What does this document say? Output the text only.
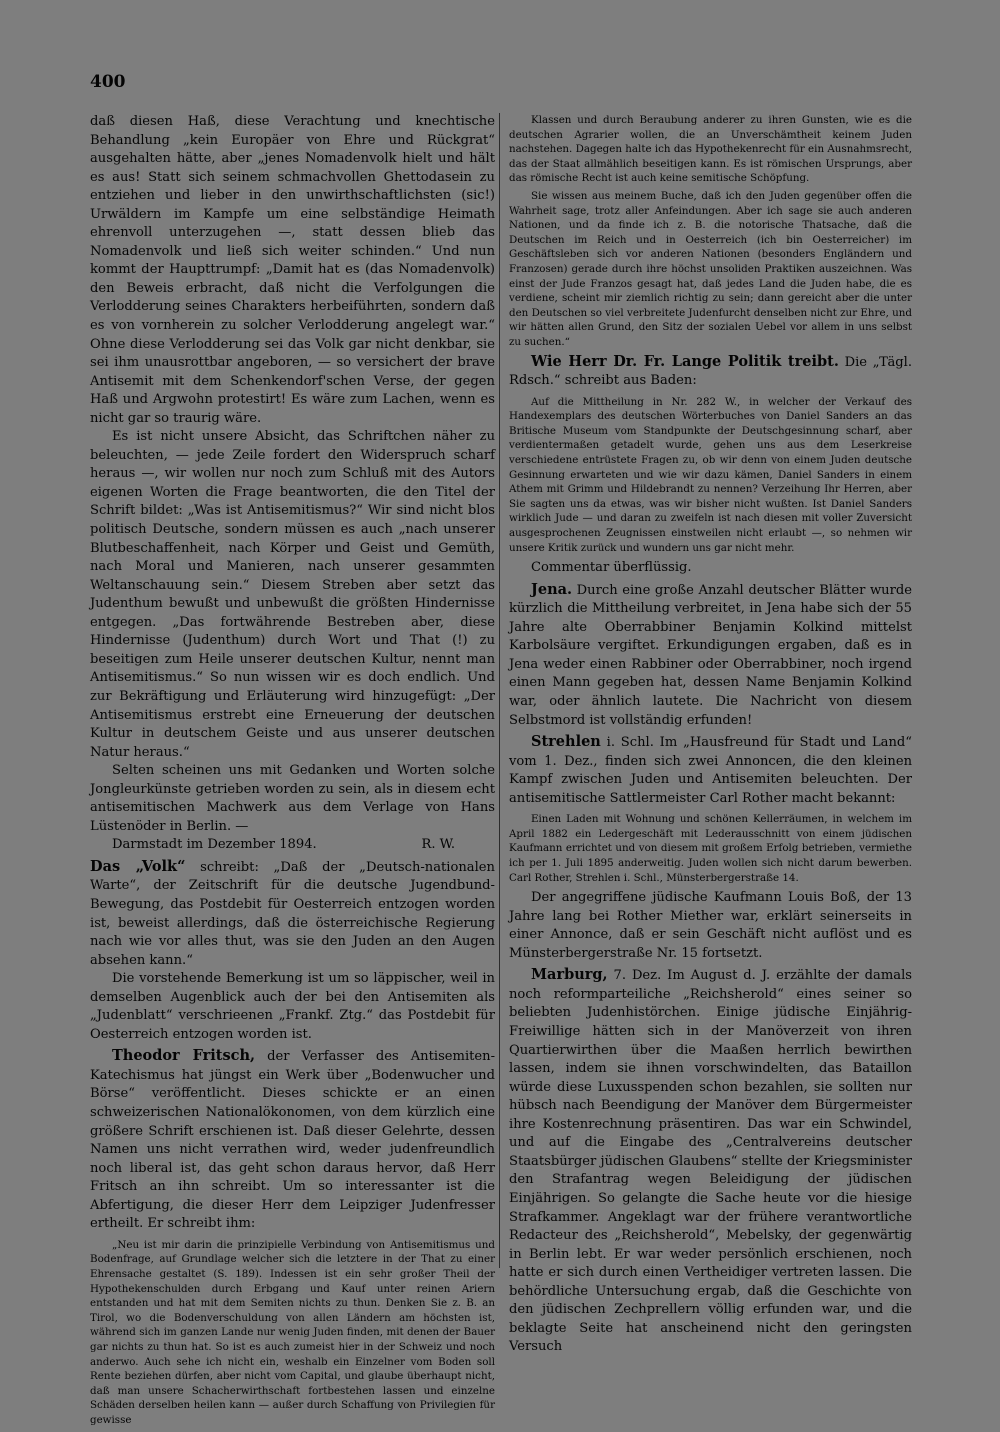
400

daß diesen Haß, diese Verachtung und knechtische Behandlung „kein Europäer von Ehre und Rückgrat“ ausgehalten hätte, aber „jenes Nomadenvolk hielt und hält es aus! Statt sich seinem schmachvollen Ghettodasein zu entziehen und lieber in den unwirthschaftlichsten (sic!) Urwäldern im Kampfe um eine selbständige Heimath ehrenvoll unterzugehen —, statt dessen blieb das Nomadenvolk und ließ sich weiter schinden.“ Und nun kommt der Haupttrumpf: „Damit hat es (das Nomadenvolk) den Beweis erbracht, daß nicht die Verfolgungen die Verlodderung seines Charakters herbeiführten, sondern daß es von vornherein zu solcher Verlodderung angelegt war.“ Ohne diese Verlodderung sei das Volk gar nicht denkbar, sie sei ihm unausrottbar angeboren, — so versichert der brave Antisemit mit dem Schenkendorf'schen Verse, der gegen Haß und Argwohn protestirt! Es wäre zum Lachen, wenn es nicht gar so traurig wäre.

Es ist nicht unsere Absicht, das Schriftchen näher zu beleuchten, — jede Zeile fordert den Widerspruch scharf heraus —, wir wollen nur noch zum Schluß mit des Autors eigenen Worten die Frage beantworten, die den Titel der Schrift bildet: „Was ist Antisemitismus?“ Wir sind nicht blos politisch Deutsche, sondern müssen es auch „nach unserer Blutbeschaffenheit, nach Körper und Geist und Gemüth, nach Moral und Manieren, nach unserer gesammten Weltanschauung sein.“ Diesem Streben aber setzt das Judenthum bewußt und unbewußt die größten Hindernisse entgegen. „Das fortwährende Bestreben aber, diese Hindernisse (Judenthum) durch Wort und That (!) zu beseitigen zum Heile unserer deutschen Kultur, nennt man Antisemitismus.“ So nun wissen wir es doch endlich. Und zur Bekräftigung und Erläuterung wird hinzugefügt: „Der Antisemitismus erstrebt eine Erneuerung der deutschen Kultur in deutschem Geiste und aus unserer deutschen Natur heraus.“

Selten scheinen uns mit Gedanken und Worten solche Jongleurkünste getrieben worden zu sein, als in diesem echt antisemitischen Machwerk aus dem Verlage von Hans Lüstenöder in Berlin. —

Darmstadt im Dezember 1894.	R. W.

Das „Volk“ schreibt: „Daß der „Deutsch-nationalen Warte“, der Zeitschrift für die deutsche Jugendbund-Bewegung, das Postdebit für Oesterreich entzogen worden ist, beweist allerdings, daß die österreichische Regierung nach wie vor alles thut, was sie den Juden an den Augen absehen kann.“

Die vorstehende Bemerkung ist um so läppischer, weil in demselben Augenblick auch der bei den Antisemiten als „Judenblatt“ verschrieenen „Frankf. Ztg.“ das Postdebit für Oesterreich entzogen worden ist.

Theodor Fritsch, der Verfasser des Antisemiten-Katechismus hat jüngst ein Werk über „Bodenwucher und Börse“ veröffentlicht. Dieses schickte er an einen schweizerischen Nationalökonomen, von dem kürzlich eine größere Schrift erschienen ist. Daß dieser Gelehrte, dessen Namen uns nicht verrathen wird, weder judenfreundlich noch liberal ist, das geht schon daraus hervor, daß Herr Fritsch an ihn schreibt. Um so interessanter ist die Abfertigung, die dieser Herr dem Leipziger Judenfresser ertheilt. Er schreibt ihm:

„Neu ist mir darin die prinzipielle Verbindung von Antisemitismus und Bodenfrage, auf Grundlage welcher sich die letztere in der That zu einer Ehrensache gestaltet (S. 189). Indessen ist ein sehr großer Theil der Hypothekenschulden durch Erbgang und Kauf unter reinen Ariern entstanden und hat mit dem Semiten nichts zu thun. Denken Sie z. B. an Tirol, wo die Bodenverschuldung von allen Ländern am höchsten ist, während sich im ganzen Lande nur wenig Juden finden, mit denen der Bauer gar nichts zu thun hat. So ist es auch zumeist hier in der Schweiz und noch anderwo. Auch sehe ich nicht ein, weshalb ein Einzelner vom Boden soll Rente beziehen dürfen, aber nicht vom Capital, und glaube überhaupt nicht, daß man unsere Schacherwirthschaft fortbestehen lassen und einzelne Schäden derselben heilen kann — außer durch Schaffung von Privilegien für gewisse

Klassen und durch Beraubung anderer zu ihren Gunsten, wie es die deutschen Agrarier wollen, die an Unverschämtheit keinem Juden nachstehen. Dagegen halte ich das Hypothekenrecht für ein Ausnahmsrecht, das der Staat allmählich beseitigen kann. Es ist römischen Ursprungs, aber das römische Recht ist auch keine semitische Schöpfung.

Sie wissen aus meinem Buche, daß ich den Juden gegenüber offen die Wahrheit sage, trotz aller Anfeindungen. Aber ich sage sie auch anderen Nationen, und da finde ich z. B. die notorische Thatsache, daß die Deutschen im Reich und in Oesterreich (ich bin Oesterreicher) im Geschäftsleben sich vor anderen Nationen (besonders Engländern und Franzosen) gerade durch ihre höchst unsoliden Praktiken auszeichnen. Was einst der Jude Franzos gesagt hat, daß jedes Land die Juden habe, die es verdiene, scheint mir ziemlich richtig zu sein; dann gereicht aber die unter den Deutschen so viel verbreitete Judenfurcht denselben nicht zur Ehre, und wir hätten allen Grund, den Sitz der sozialen Uebel vor allem in uns selbst zu suchen.“

Wie Herr Dr. Fr. Lange Politik treibt. Die „Tägl. Rdsch.“ schreibt aus Baden:

Auf die Mittheilung in Nr. 282 W., in welcher der Verkauf des Handexemplars des deutschen Wörterbuches von Daniel Sanders an das Britische Museum vom Standpunkte der Deutschgesinnung scharf, aber verdientermaßen getadelt wurde, gehen uns aus dem Leserkreise verschiedene entrüstete Fragen zu, ob wir denn von einem Juden deutsche Gesinnung erwarteten und wie wir dazu kämen, Daniel Sanders in einem Athem mit Grimm und Hildebrandt zu nennen? Verzeihung Ihr Herren, aber Sie sagten uns da etwas, was wir bisher nicht wußten. Ist Daniel Sanders wirklich Jude — und daran zu zweifeln ist nach diesen mit voller Zuversicht ausgesprochenen Zeugnissen einstweilen nicht erlaubt —, so nehmen wir unsere Kritik zurück und wundern uns gar nicht mehr.

Commentar überflüssig.

Jena. Durch eine große Anzahl deutscher Blätter wurde kürzlich die Mittheilung verbreitet, in Jena habe sich der 55 Jahre alte Oberrabbiner Benjamin Kolkind mittelst Karbolsäure vergiftet. Erkundigungen ergaben, daß es in Jena weder einen Rabbiner oder Oberrabbiner, noch irgend einen Mann gegeben hat, dessen Name Benjamin Kolkind war, oder ähnlich lautete. Die Nachricht von diesem Selbstmord ist vollständig erfunden!

Strehlen i. Schl. Im „Hausfreund für Stadt und Land“ vom 1. Dez., finden sich zwei Annoncen, die den kleinen Kampf zwischen Juden und Antisemiten beleuchten. Der antisemitische Sattlermeister Carl Rother macht bekannt:

Einen Laden mit Wohnung und schönen Kellerräumen, in welchem im April 1882 ein Ledergeschäft mit Lederausschnitt von einem jüdischen Kaufmann errichtet und von diesem mit großem Erfolg betrieben, vermiethe ich per 1. Juli 1895 anderweitig. Juden wollen sich nicht darum bewerben. Carl Rother, Strehlen i. Schl., Münsterbergerstraße 14.

Der angegriffene jüdische Kaufmann Louis Boß, der 13 Jahre lang bei Rother Miether war, erklärt seinerseits in einer Annonce, daß er sein Geschäft nicht auflöst und es Münsterbergerstraße Nr. 15 fortsetzt.

Marburg, 7. Dez. Im August d. J. erzählte der damals noch reformparteiliche „Reichsherold“ eines seiner so beliebten Judenhistörchen. Einige jüdische Einjährig-Freiwillige hätten sich in der Manöverzeit von ihren Quartierwirthen über die Maaßen herrlich bewirthen lassen, indem sie ihnen vorschwindelten, das Bataillon würde diese Luxusspenden schon bezahlen, sie sollten nur hübsch nach Beendigung der Manöver dem Bürgermeister ihre Kostenrechnung präsentiren. Das war ein Schwindel, und auf die Eingabe des „Centralvereins deutscher Staatsbürger jüdischen Glaubens“ stellte der Kriegsminister den Strafantrag wegen Beleidigung der jüdischen Einjährigen. So gelangte die Sache heute vor die hiesige Strafkammer. Angeklagt war der frühere verantwortliche Redacteur des „Reichsherold“, Mebelsky, der gegenwärtig in Berlin lebt. Er war weder persönlich erschienen, noch hatte er sich durch einen Vertheidiger vertreten lassen. Die behördliche Untersuchung ergab, daß die Geschichte von den jüdischen Zechprellern völlig erfunden war, und die beklagte Seite hat anscheinend nicht den geringsten Versuch
